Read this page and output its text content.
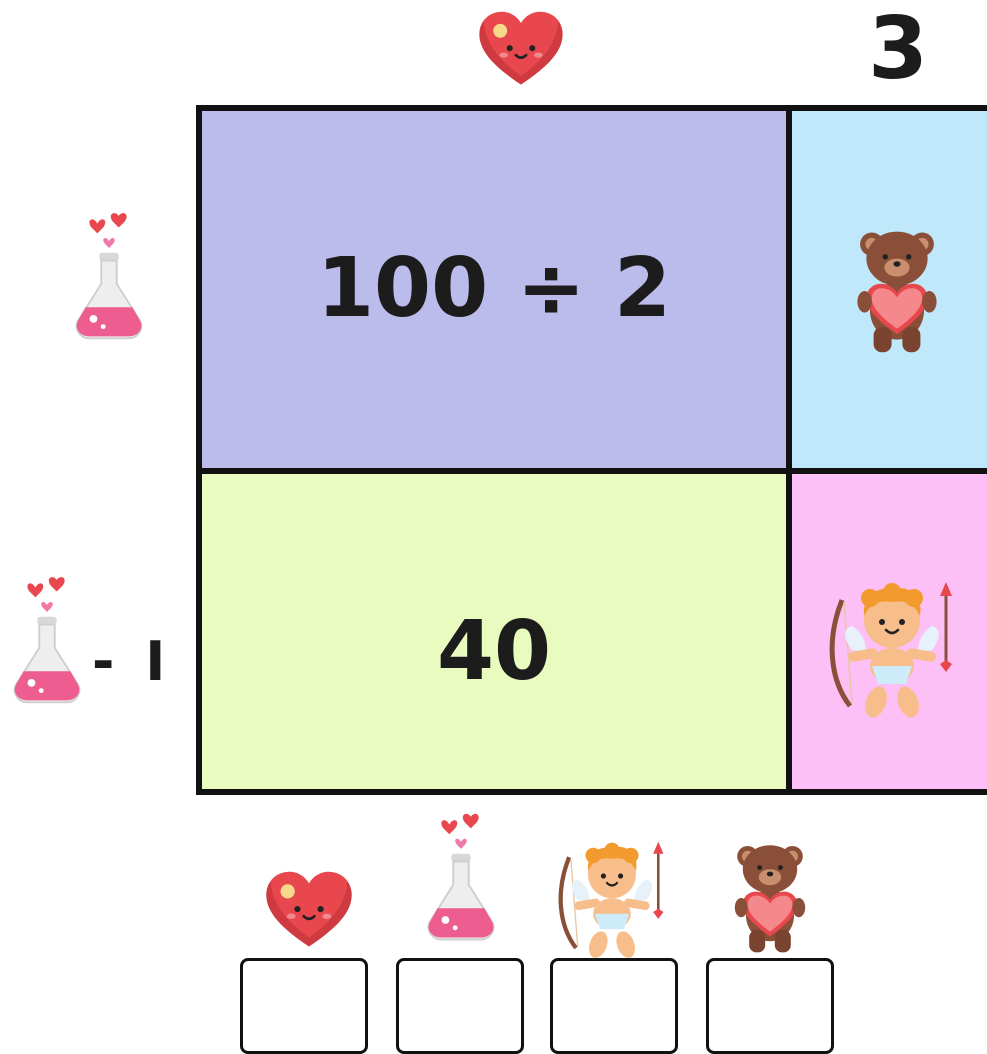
3
- I
100 ÷ 2
40
